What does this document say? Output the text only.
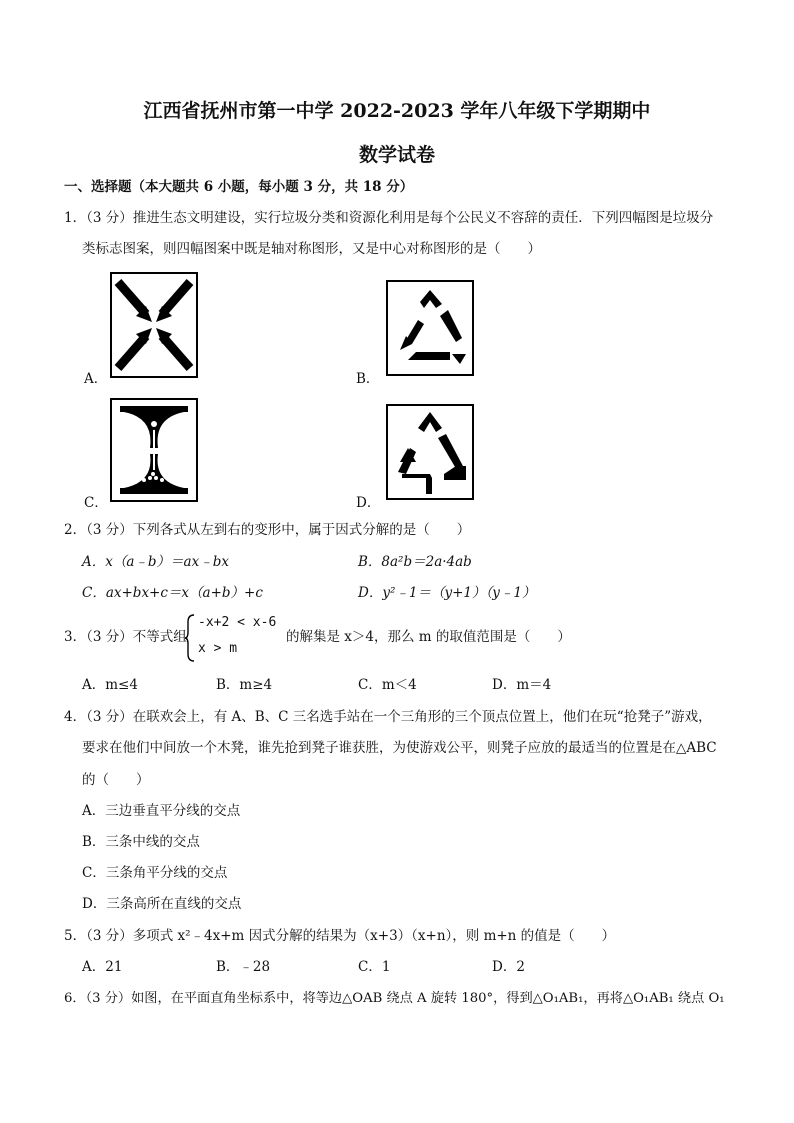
江西省抚州市第一中学 2022-2023 学年八年级下学期期中
数学试卷
一、选择题（本大题共 6 小题，每小题 3 分，共 18 分）
1．（3 分）推进生态文明建设，实行垃圾分类和资源化利用是每个公民义不容辞的责任．下列四幅图是垃圾分
类标志图案，则四幅图案中既是轴对称图形，又是中心对称图形的是（　　）
A．	B．
C．	D．
2．（3 分）下列各式从左到右的变形中，属于因式分解的是（　　）
A．x（a﹣b）＝ax﹣bx	B．8a²b＝2a·4ab
C．ax+bx+c＝x（a+b）+c	D．y²﹣1＝（y+1）（y﹣1）
3．（3 分）不等式组
-x+2 < x-6
x > m
的解集是 x＞4，那么 m 的取值范围是（　　）
A．m≤4	B．m≥4	C．m＜4	D．m＝4
4．（3 分）在联欢会上，有 A、B、C 三名选手站在一个三角形的三个顶点位置上，他们在玩“抢凳子”游戏，
要求在他们中间放一个木凳，谁先抢到凳子谁获胜，为使游戏公平，则凳子应放的最适当的位置是在△ABC
的（　　）
A．三边垂直平分线的交点
B．三条中线的交点
C．三条角平分线的交点
D．三条高所在直线的交点
5．（3 分）多项式 x²﹣4x+m 因式分解的结果为（x+3）（x+n），则 m+n 的值是（　　）
A．21	B．﹣28	C．1	D．2
6．（3 分）如图，在平面直角坐标系中，将等边△OAB 绕点 A 旋转 180°，得到△O₁AB₁，再将△O₁AB₁ 绕点 O₁
